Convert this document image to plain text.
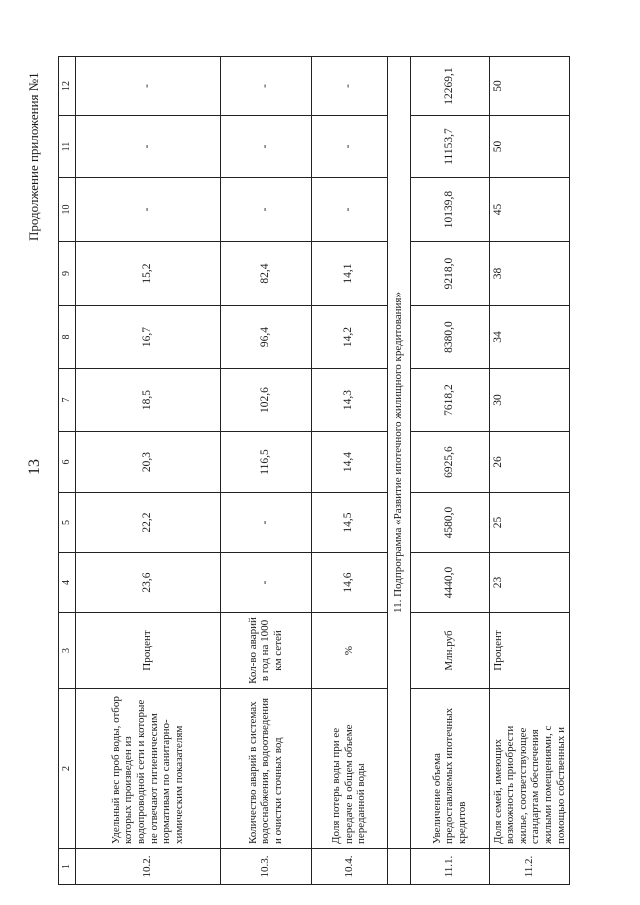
13
Продолжение приложения №1
1	2	3	4	5	6	7	8	9	10	11	12
10.2.	Удельный вес проб воды, отбор которых произведен из водопроводной сети и которые не отвечают гигиеническим нормативам по санитарно-химическим показателям	Процент	23,6	22,2	20,3	18,5	16,7	15,2	-	-	-
10.3.	Количество аварий в системах водоснабжения, водоотведения и очистки сточных вод	Кол-во аварий в год на 1000 км сетей	-	-	116,5	102,6	96,4	82,4	-	-	-
10.4.	Доля потерь воды при ее передаче в общем объеме переданной воды	%	14,6	14,5	14,4	14,3	14,2	14,1	-	-	-
	11. Подпрограмма «Развитие ипотечного жилищного кредитования»										
11.1.	Увеличение объема предоставляемых ипотечных кредитов	Млн.руб	4440,0	4580,0	6925,6	7618,2	8380,0	9218,0	10139,8	11153,7	12269,1
11.2.	Доля семей, имеющих возможность приобрести жилье, соответствующее стандартам обеспечения жилыми помещениями, с помощью собственных и	Процент	23	25	26	30	34	38	45	50	50
